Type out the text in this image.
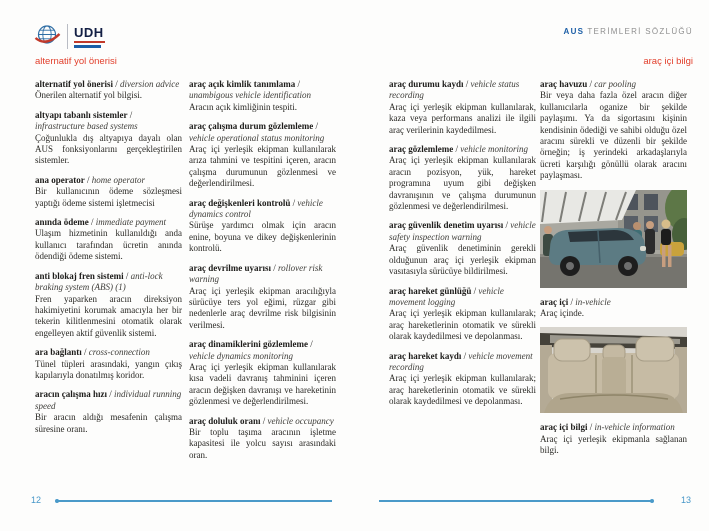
UDH	AUS TERİMLERİ SÖZLÜĞÜ
alternatif yol önerisi	araç içi bilgi

alternatif yol önerisi / diversion advice

Önerilen alternatif yol bilgisi.

altyapı tabanlı sistemler / infrastructure based systems

Çoğunlukla dış altyapıya dayalı olan AUS fonksiyonlarını gerçekleştirilen sistemler.

ana operator / home operator

Bir kullanıcının ödeme sözleşmesi yaptığı ödeme sistemi işletmecisi

anında ödeme / immediate payment

Ulaşım hizmetinin kullanıldığı anda kullanıcı tarafından ücretin anında ödendiği ödeme sistemi.

anti blokaj fren sistemi / anti-lock braking system (ABS) (1)

Fren yaparken aracın direksiyon hakimiyetini korumak amacıyla her bir tekerin kilitlenmesini otomatik olarak engelleyen aktif güvenlik sistemi.

ara bağlantı / cross-connection

Tünel tüpleri arasındaki, yangın çıkış kapılarıyla donatılmış koridor.

aracın çalışma hızı / individual running speed

Bir aracın aldığı mesafenin çalışma süresine oranı.

araç açık kimlik tanımlama / unambigous vehicle identification

Aracın açık kimliğinin tespiti.

araç çalışma durum gözlemleme / vehicle operational status monitoring

Araç içi yerleşik ekipman kullanılarak arıza tahmini ve tespitini içeren, aracın çalışma durumunun gözlenmesi ve değerlendirilmesi.

araç değişkenleri kontrolü / vehicle dynamics control

Sürüşe yardımcı olmak için aracın enine, boyuna ve dikey değişkenlerinin kontrolü.

araç devrilme uyarısı / rollover risk warning

Araç içi yerleşik ekipman aracılığıyla sürücüye ters yol eğimi, rüzgar gibi nedenlerle araç devrilme risk bilgisinin verilmesi.

araç dinamiklerini gözlemleme / vehicle dynamics monitoring

Araç içi yerleşik ekipman kullanılarak kısa vadeli davranış tahminini içeren aracın değişken davranışı ve hareketinin gözlenmesi ve değerlendirilmesi.

araç doluluk oranı / vehicle occupancy

Bir toplu taşıma aracının işletme kapasitesi ile yolcu sayısı arasındaki oran.

araç durumu kaydı / vehicle status recording

Araç içi yerleşik ekipman kullanılarak, kaza veya performans analizi ile ilgili araç verilerinin kaydedilmesi.

araç gözlemleme / vehicle monitoring

Araç içi yerleşik ekipman kullanılarak aracın pozisyon, yük, hareket programına uyum gibi değişken davranışının ve çalışma durumunun gözlenmesi ve değerlendirilmesi.

araç güvenlik denetim uyarısı / vehicle safety inspection warning

Araç güvenlik denetiminin gerekli olduğunun araç içi yerleşik ekipman vasıtasıyla sürücüye bildirilmesi.

araç hareket günlüğü / vehicle movement logging

Araç içi yerleşik ekipman kullanılarak; araç hareketlerinin otomatik ve sürekli olarak kaydedilmesi ve depolanması.

araç hareket kaydı / vehicle movement recording

Araç içi yerleşik ekipman kullanılarak; araç hareketlerinin otomatik ve sürekli olarak kaydedilmesi ve depolanması.

araç havuzu / car pooling

Bir veya daha fazla özel aracın diğer kullanıcılarla oganize bir şekilde paylaşımı. Ya da sigortasını kişinin kendisinin ödediği ve sahibi olduğu özel aracını sürekli ve düzenli bir şekilde örneğin; iş yerindeki arkadaşlarıyla ücreti karşılığı gönüllü olarak aracını paylaşması.

araç içi / in-vehicle

Araç içinde.

araç içi bilgi / in-vehicle information

Araç içi yerleşik ekipmanla sağlanan bilgi.

12	13
